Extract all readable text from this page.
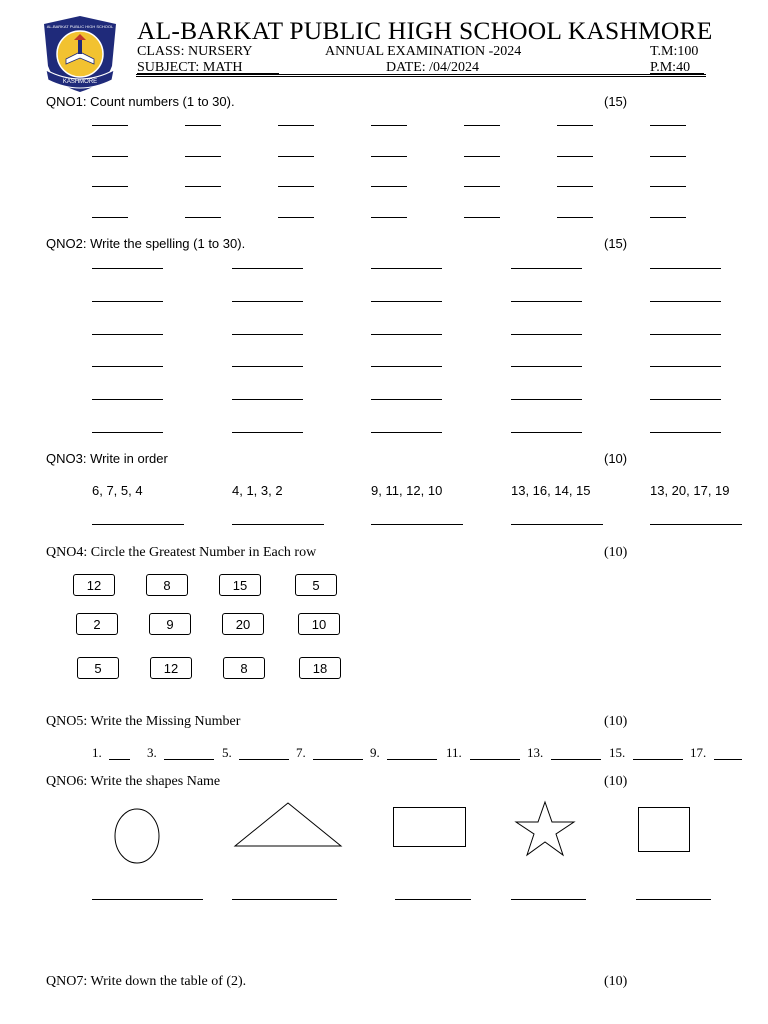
KASHMORE
AL-BARKAT PUBLIC HIGH SCHOOL AL-BARKAT PUBLIC HIGH SCHOOL KASHMORE
CLASS: NURSERY	ANNUAL EXAMINATION -2024	T.M:100
SUBJECT: MATH	DATE: /04/2024	P.M:40
QNO1: Count numbers (1 to 30).	(15)
QNO2: Write the spelling (1 to 30).	(15)
QNO3: Write in order	(10)
6, 7, 5, 4	4, 1, 3, 2	9, 11, 12, 10	13, 16, 14, 15	13, 20, 17, 19
QNO4: Circle the Greatest Number in Each row	(10)
12	8	15	5
2	9	20	10
5	12	8	18
QNO5: Write the Missing Number	(10)
1.	3.	5.	7.	9.	11.	13.	15.	17.
QNO6: Write the shapes Name	(10)
QNO7: Write down the table of (2).	(10)
